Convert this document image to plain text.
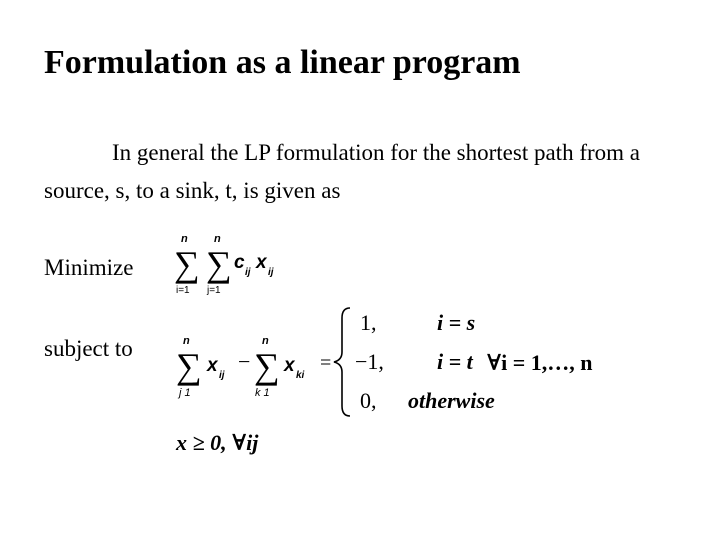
Formulation as a linear program

In general the LP formulation for the shortest path from a source, s, to a sink, t, is given as

Minimize
subject to
n
∑
i=1
n
∑
j=1
c ij x ij
n
∑
j 1
x ij
−
n
∑
k 1
x ki
=
1,	i = s
−1, i = t
0, otherwise
∀i = 1,…, n
x ≥ 0, ∀ij
